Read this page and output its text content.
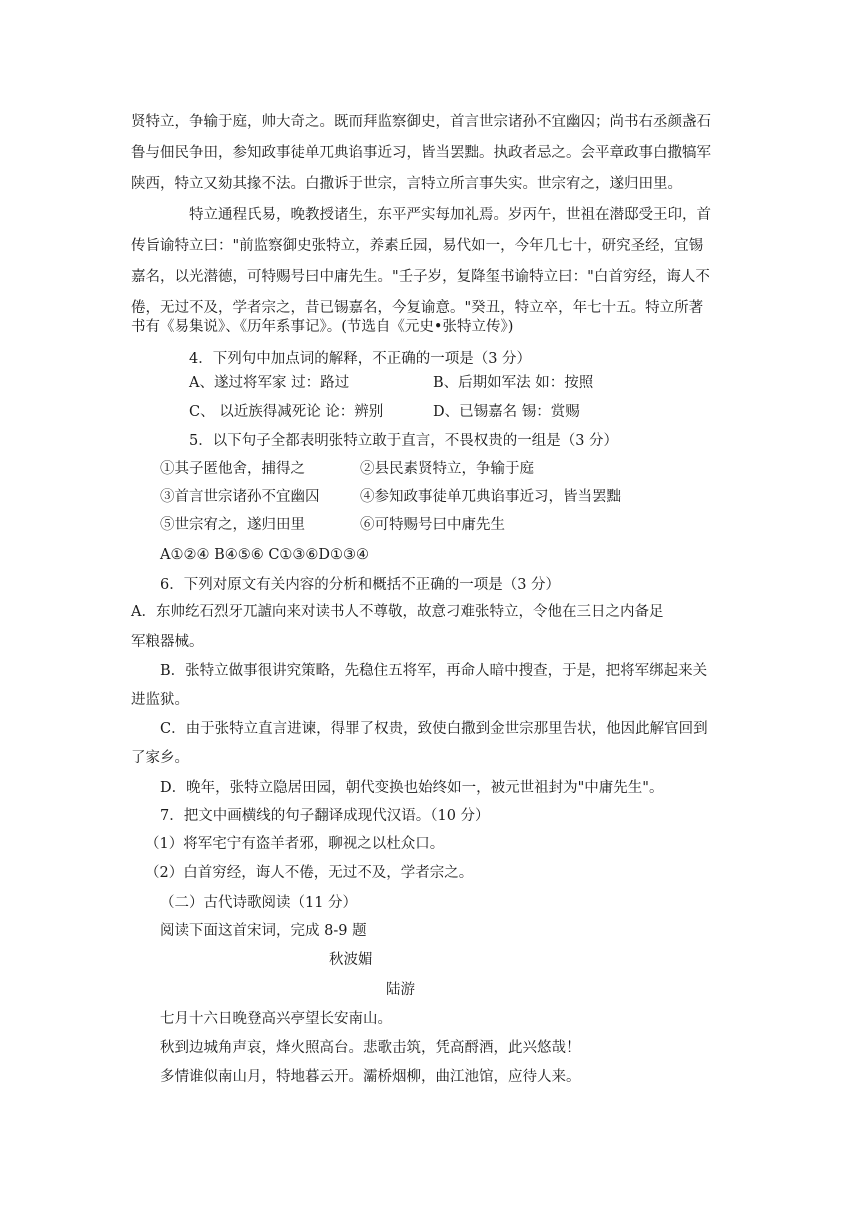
贤特立，争输于庭，帅大奇之。既而拜监察御史，首言世宗诸孙不宜幽囚；尚书右丞颜盏石
鲁与佃民争田，参知政事徒单兀典谄事近习，皆当罢黜。执政者忌之。会平章政事白撒犒军
陕西，特立又劾其掾不法。白撒诉于世宗，言特立所言事失实。世宗宥之，遂归田里。
特立通程氏易，晚教授诸生，东平严实每加礼焉。岁丙午，世祖在潜邸受王印，首
传旨谕特立曰："前监察御史张特立，养素丘园，易代如一，今年几七十，研究圣经，宜锡
嘉名，以光潜德，可特赐号曰中庸先生。"壬子岁，复降玺书谕特立曰："白首穷经，诲人不
倦，无过不及，学者宗之，昔已锡嘉名，今复谕意。"癸丑，特立卒，年七十五。特立所著
书有《易集说》、《历年系事记》。(节选自《元史•张特立传》)
4．下列句中加点词的解释，不正确的一项是（3 分）
A、遂过将军家 过：路过	B、后期如军法 如：按照
C、 以近族得减死论 论：辨别	D、已锡嘉名 锡：赏赐
5．以下句子全都表明张特立敢于直言，不畏权贵的一组是（3 分）
①其子匿他舍，捕得之	②县民素贤特立，争输于庭
③首言世宗诸孙不宜幽囚	④参知政事徒单兀典谄事近习，皆当罢黜
⑤世宗宥之，遂归田里	⑥可特赐号曰中庸先生
A①②④ B④⑤⑥ C①③⑥D①③④
6．下列对原文有关内容的分析和概括不正确的一项是（3 分）
A．东帅纥石烈牙兀謯向来对读书人不尊敬，故意刁难张特立，令他在三日之内备足
军粮器械。
B．张特立做事很讲究策略，先稳住五将军，再命人暗中搜查，于是，把将军绑起来关
进监狱。
C．由于张特立直言进谏，得罪了权贵，致使白撒到金世宗那里告状，他因此解官回到
了家乡。
D．晚年，张特立隐居田园，朝代变换也始终如一，被元世祖封为"中庸先生"。
7．把文中画横线的句子翻译成现代汉语。（10 分）
（1）将军宅宁有盗羊者邪，聊视之以杜众口。
（2）白首穷经，诲人不倦，无过不及，学者宗之。
（二）古代诗歌阅读（11 分）
阅读下面这首宋词，完成 8-9 题
秋波媚
陆游
七月十六日晚登高兴亭望长安南山。
秋到边城角声哀，烽火照高台。悲歌击筑，凭高酹酒，此兴悠哉！
多情谁似南山月，特地暮云开。灞桥烟柳，曲江池馆，应待人来。
